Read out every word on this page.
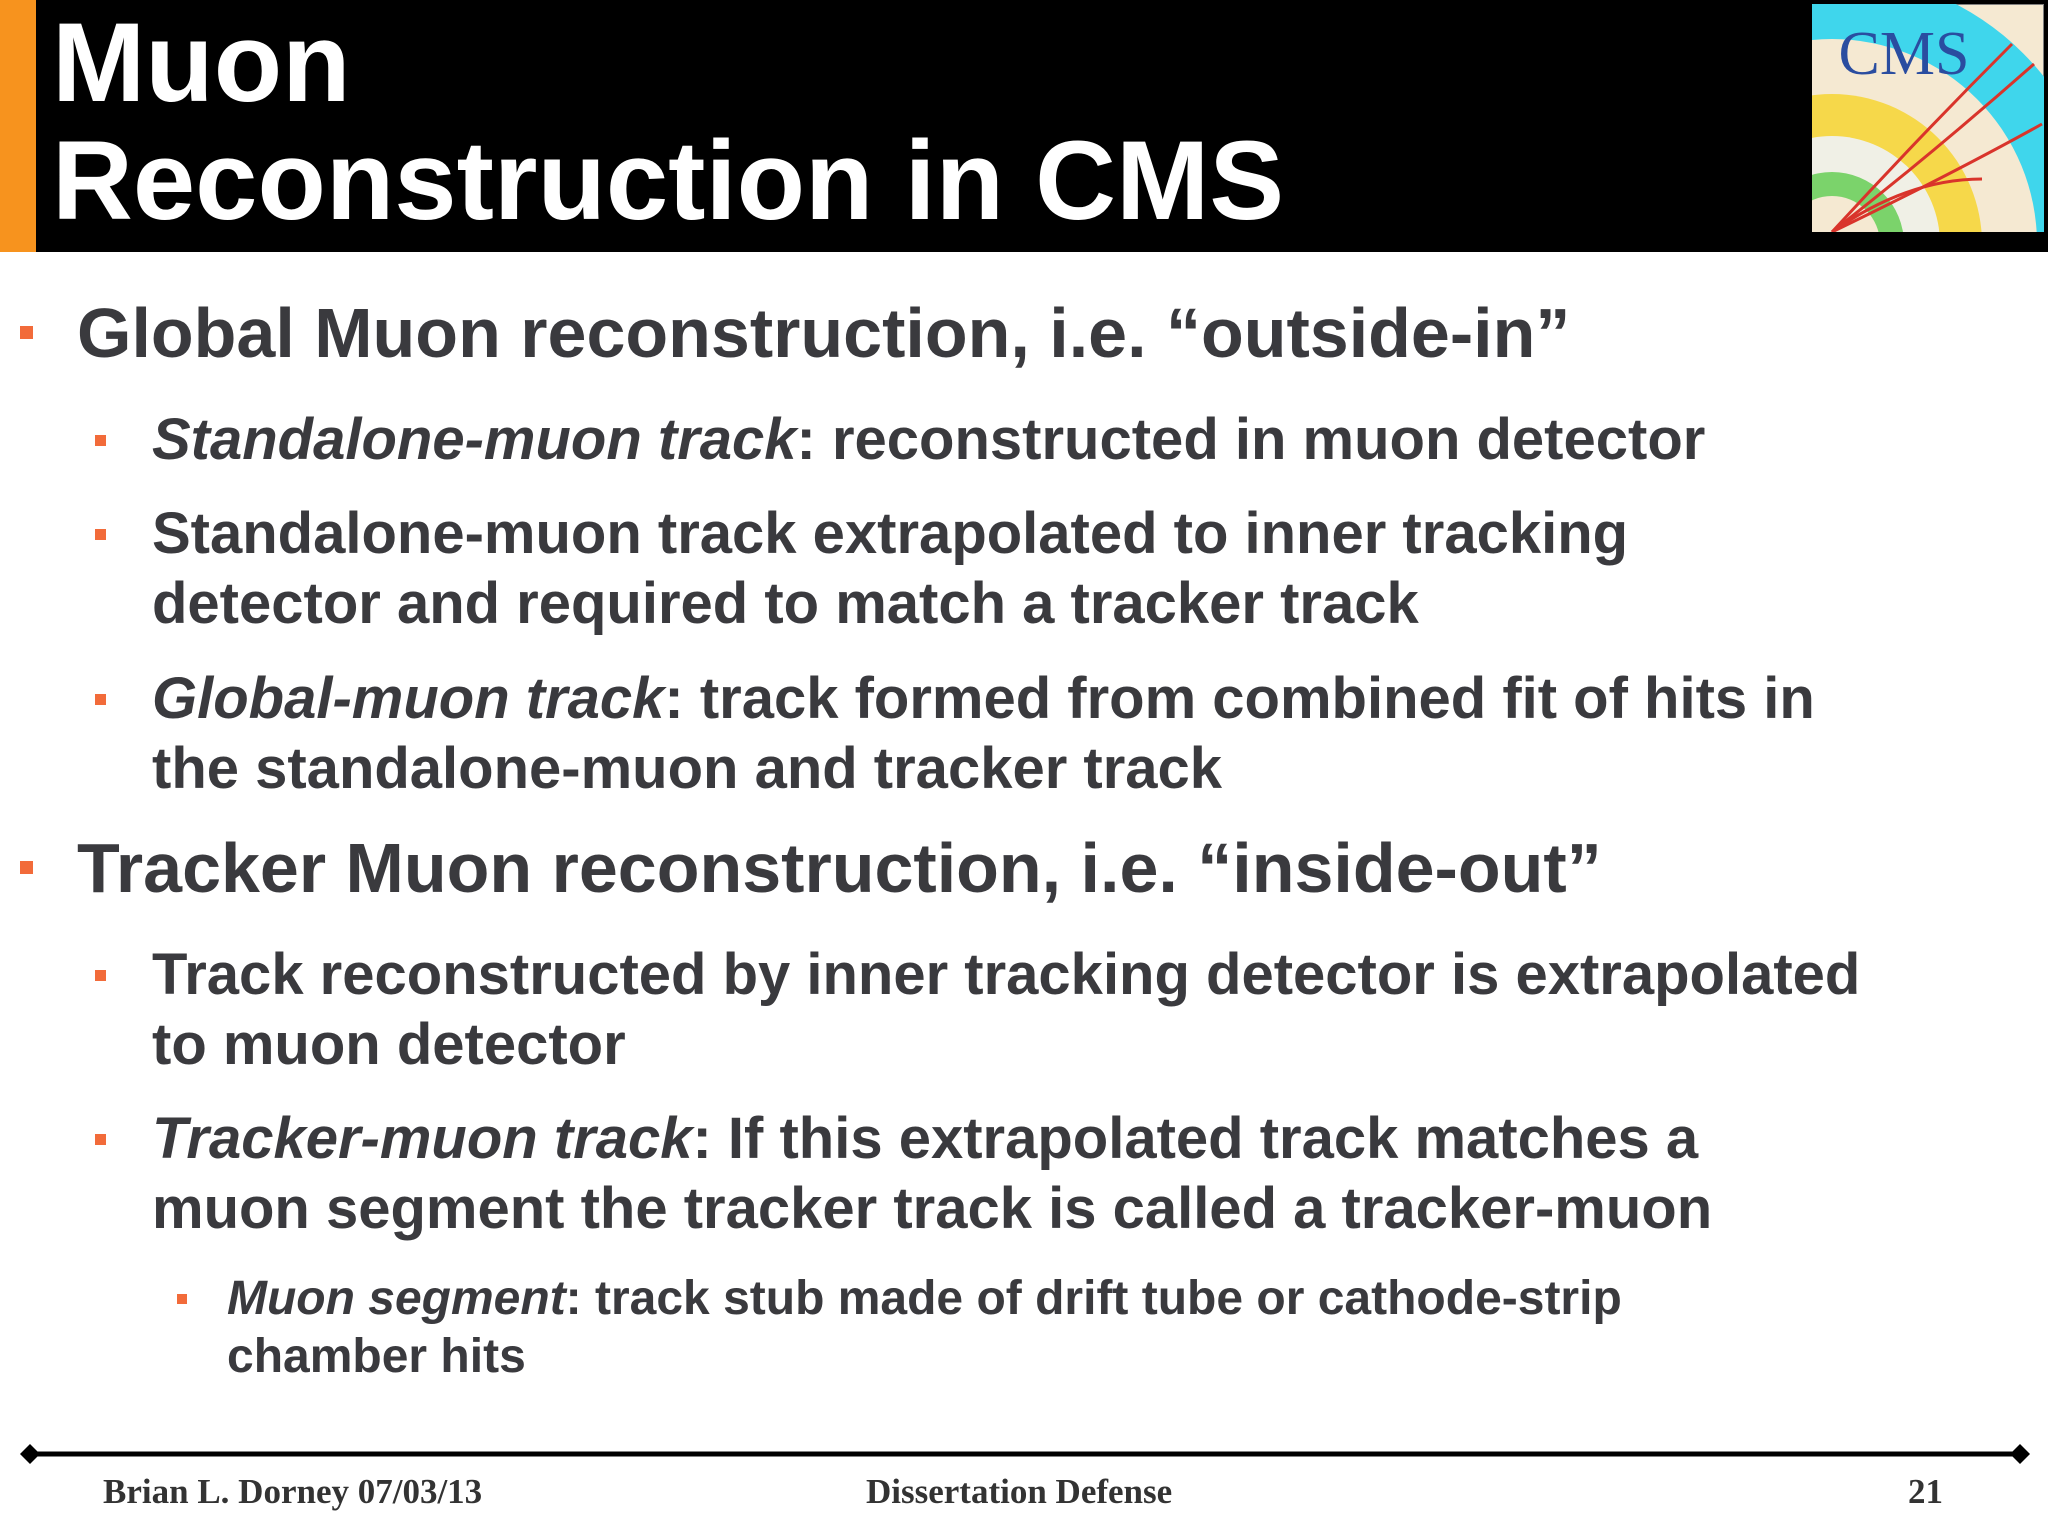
Muon
Reconstruction in CMS
CMS
Global Muon reconstruction, i.e. “outside-in”
Standalone-muon track: reconstructed in muon detector
Standalone-muon track extrapolated to inner tracking
detector and required to match a tracker track
Global-muon track: track formed from combined fit of hits in
the standalone-muon and tracker track
Tracker Muon reconstruction, i.e. “inside-out”
Track reconstructed by inner tracking detector is extrapolated
to muon detector
Tracker-muon track: If this extrapolated track matches a
muon segment the tracker track is called a tracker-muon
Muon segment: track stub made of drift tube or cathode-strip
chamber hits
Brian L. Dorney 07/03/13	Dissertation Defense	21
